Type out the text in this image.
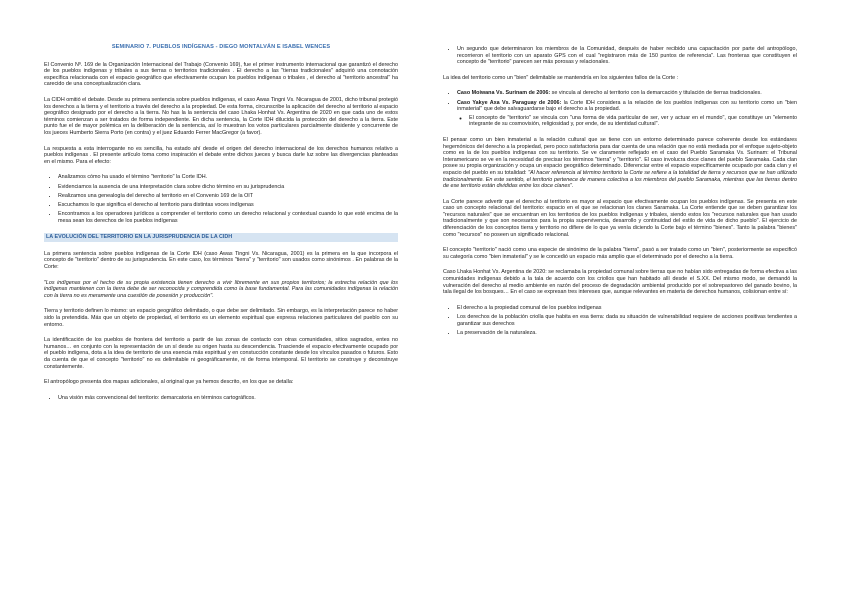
SEMINARIO 7. PUEBLOS INDÍGENAS - DIEGO MONTALVÁN E ISABEL WENCES

El Convenio Nº. 169 de la Organización Internacional del Trabajo (Convenio 169), fue el primer instrumento internacional que garantizó el derecho de los pueblos indígenas y tribales a sus tierras o territorios tradicionales . El derecho a las "tierras tradicionales" adquirió una connotación específica relacionada con el espacio geográfico que efectivamente ocupan los pueblos indígenas o tribales , el derecho al "territorio ancestral" ha carecido de una conceptualización clara.

La CIDH omitió el debate. Desde su primera sentencia sobre pueblos indígenas, el caso Awas Tingni Vs. Nicaragua de 2001, dicho tribunal protegió los derechos a la tierra y el territorio a través del derecho a la propiedad. De esta forma, circunscribe la aplicación del derecho al territorio al espacio geográfico designado por el derecho a la tierra. No has la la sentencia del caso Lhaka Honhat Vs. Argentina de 2020 en que cada uno de estos términos comienzan a ser tratados de forma independiente. En dicha sentencia, la Corte IDH dilucida la protección del derecho a la tierra. Este punto fue el de mayor polémica en la deliberación de la sentencia, así lo muestran los votos particulares parcialmente disidente y concurrente de los jueces Humberto Sierra Porto (en contra) y el juez Eduardo Ferrer MacGregor (a favor).

La respuesta a esta interrogante no es sencilla, ha estado ahí desde el origen del derecho internacional de los derechos humanos relativo a pueblos indígenas . El presente artículo toma como inspiración el debate entre dichos jueces y busca darle luz sobre las divergencias planteadas en el mismo. Para el efecto:

• Analizamos cómo ha usado el término "territorio" la Corte IDH.
• Evidenciamos la ausencia de una interpretación clara sobre dicho término en su jurisprudencia
• Realizamos una genealogía del derecho al territorio en el Convenio 169 de la OIT
• Escuchamos lo que significa el derecho al territorio para distintas voces indígenas
• Encontramos a los operadores jurídicos a comprender el territorio como un derecho relacional y contextual cuando lo que esté encima de la mesa sean los derechos de los pueblos indígenas
LA EVOLUCIÓN DEL TERRITORIO EN LA JURISPRUDENCIA DE LA CIDH

La primera sentencia sobre pueblos indígenas de la Corte IDH (caso Awas Tingni Vs. Nicaragua, 2001) es la primera en la que incorpora el concepto de "territorio" dentro de su jurisprudencia. En este caso, los términos "tierra" y "territorio" son usados como sinónimos . En palabras de la Corte:

"Los indígenas por el hecho de su propia existencia tienen derecho a vivir libremente en sus propios territorios; la estrecha relación que los indígenas mantienen con la tierra debe de ser reconocida y comprendida como la base fundamental. Para las comunidades indígenas la relación con la tierra no es meramente una cuestión de posesión y producción".

Tierra y territorio definen lo mismo: un espacio geográfico delimitado, o que debe ser delimitado. Sin embargo, es la interpretación parece no haber sido la pretendida. Más que un objeto de propiedad, el territorio es un elemento espiritual que expresa relaciones particulares del pueblo con su entorno.

La identificación de los pueblos de frontera del territorio a partir de las zonas de contacto con otras comunidades, sitios sagrados, entes no humanos… en conjunto con la representación de un sí desde su origen hasta su descendencia. Trasciende el espacio efectivamente ocupado por el pueblo indígena, dota a la idea de territorio de una esencia más espiritual y en constucción constante desde los vínculos pasados o futuros. Esto da cuenta de que el concepto "territorio" no es delimitable ni geográficamente, ni de forma intemporal. El territorio se construye y deconstruye constantemente.

El antropólogo presenta dos mapas adicionales, al original que ya hemos descrito, en los que se detalla:

• Una visión más convencional del territorio: demarcatoria en términos cartográficos.
• Un segundo que determinaron los miembros de la Comunidad, después de haber recibido una capacitación por parte del antropólogo, recorrieron el territorio con un aparato GPS con el cual "registraron más de 150 puntos de referencia". Las fronteras que constituyen el concepto de "territorio" parecen ser más porosas y relacionales.

La idea del territorio como un "bien" delimitable se mantendría en los siguientes fallos de la Corte :

• Caso Moiwana Vs. Surinam de 2006: se vincula al derecho al territorio con la demarcación y titulación de tierras tradicionales.
• Caso Yakye Axa Vs. Paraguay de 2006: la Corte IDH considera a la relación de los pueblos indígenas con su territorio como un "bien inmaterial" que debe salvaguardarse bajo el derecho a la propiedad.
◦ El concepto de "territorio" se vincula con "una forma de vida particular de ser, ver y actuar en el mundo", que constituye un "elemento integrante de su cosmovisión, religiosidad y, por ende, de su identidad cultural".

El pensar como un bien inmaterial a la relación cultural que se tiene con un entorno determinado parece coherente desde los estándares hegemónicos del derecho a la propiedad, pero poco satisfactoria para dar cuenta de una relación que no está mediada por el enfoque sujeto-objeto como es la de los pueblos indígenas con su territorio. Se ve claramente reflejado en el caso del Pueblo Saramaka Vs. Surinam: el Tribunal Interamericano se ve en la necesidad de precisar los términos "tierra" y "territorio". El caso involucra doce clanes del pueblo Saramaka. Cada clan posee su propia organización y ocupa un espacio geográfico determinado. Diferenciar entre el espacio específicamente ocupado por cada clan y el espacio del pueblo en su totalidad: "Al hacer referencia al término territorio la Corte se refiere a la totalidad de tierra y recursos que se han utilizado tradicionalmente. En este sentido, el territorio pertenece de manera colectiva a los miembros del pueblo Saramaka, mientras que las tierras dentro de ese territorio están divididas entre los doce clanes".

La Corte parece advertir que el derecho al territorio es mayor al espacio que efectivamente ocupan los pueblos indígenas. Se presenta en este caso un concepto relacional del territorio: espacio en el que se relacionan los clanes Saramaka. La Corte entiende que se deben garantizar los "recursos naturales" que se encuentran en los territorios de los pueblos indígenas y tribales, siendo estos los "recursos naturales que han usado tradicionalmente y que son necesarios para la propia supervivencia, desarrollo y continuidad del estilo de vida de dicho pueblo". El ejercicio de diferenciación de los conceptos tierra y territorio no difiere de lo que ya venía diciendo la Corte bajo el término "bienes". Tanto la palabra "bienes" como "recursos" no poseen un significado relacional.

El concepto "territorio" nació como una especie de sinónimo de la palabra "tierra", pasó a ser tratado como un "bien", posteriormente se especificó su categoría como "bien inmaterial" y se le concedió un espacio más amplio que el determinado por el derecho a la tierra.

Caso Lhaka Honhat Vs. Argentina de 2020: se reclamaba la propiedad comunal sobre tierras que no habían sido entregadas de forma efectiva a las comunidades indígenas debido a la tala de acuerdo con los criollos que han habitado allí desde el S.XX. Del mismo modo, se demandó la vulneración del derecho al medio ambiente en razón del proceso de degradación ambiental producido por el sobrepastoreo del ganado bovino, la tala ilegal de los bosques… En el caso se expresan tres intereses que, aunque relevantes en materia de derechos humanos, colisionan entre sí:

• El derecho a la propiedad comunal de los pueblos indígenas
• Los derechos de la población criolla que habita en esa tierra: dada su situación de vulnerabilidad requiere de acciones positivas tendientes a garantizar sus derechos
• La preservación de la naturaleza.
